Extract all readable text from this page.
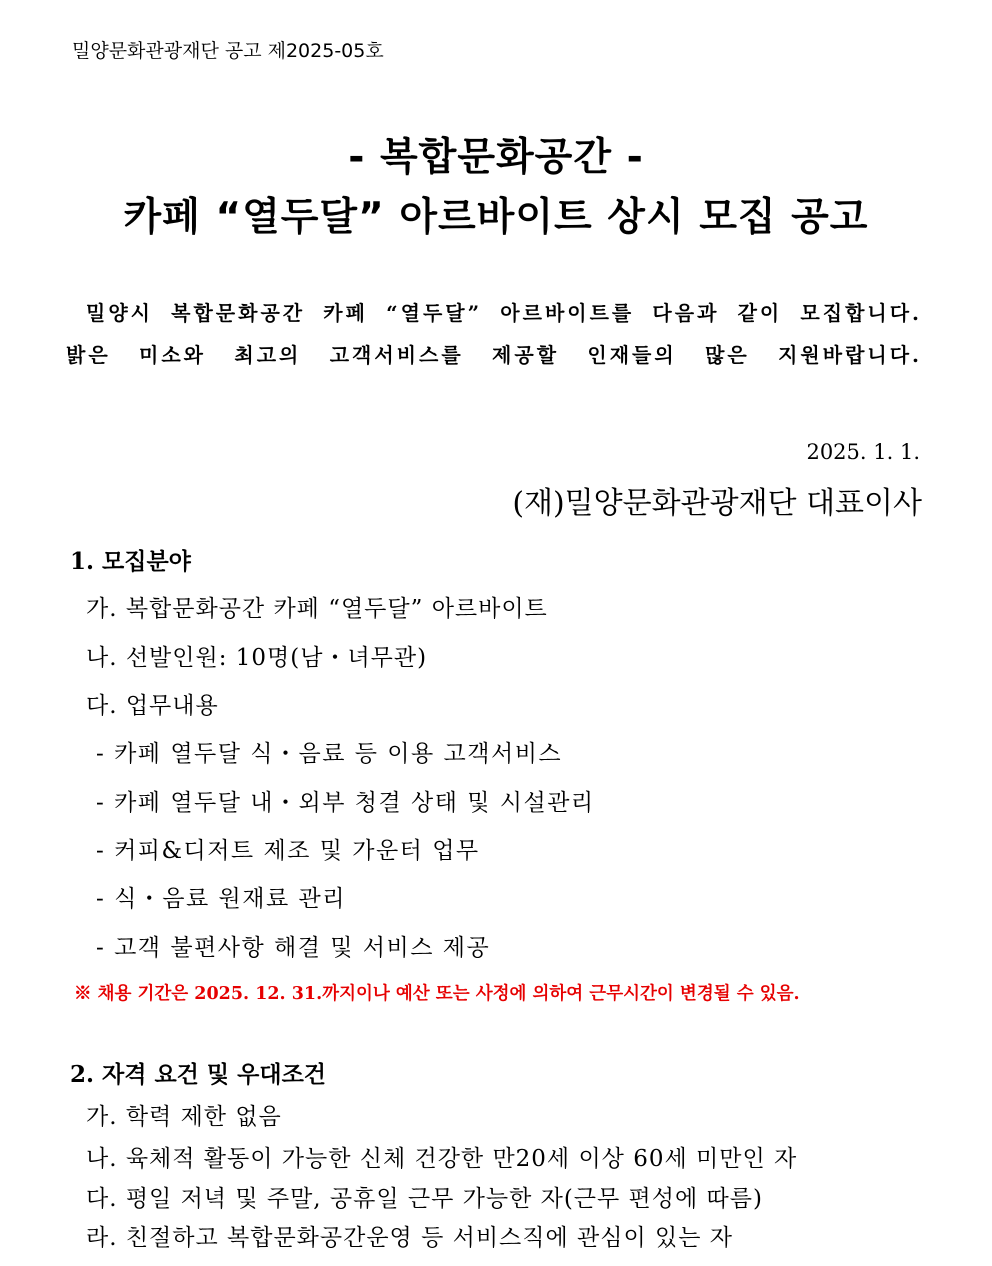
밀양문화관광재단 공고 제2025-05호
- 복합문화공간 -
카페 “열두달” 아르바이트 상시 모집 공고
밀양시 복합문화공간 카페 “열두달” 아르바이트를 다음과 같이 모집합니다.
밝은 미소와 최고의 고객서비스를 제공할 인재들의 많은 지원바랍니다.
2025. 1. 1.
(재)밀양문화관광재단 대표이사
1. 모집분야
가. 복합문화공간 카페 “열두달” 아르바이트
나. 선발인원: 10명(남・녀무관)
다. 업무내용
- 카페 열두달 식・음료 등 이용 고객서비스
- 카페 열두달 내・외부 청결 상태 및 시설관리
- 커피&디저트 제조 및 가운터 업무
- 식・음료 원재료 관리
- 고객 불편사항 해결 및 서비스 제공
※ 채용 기간은 2025. 12. 31.까지이나 예산 또는 사정에 의하여 근무시간이 변경될 수 있음.
2. 자격 요건 및 우대조건
가. 학력 제한 없음
나. 육체적 활동이 가능한 신체 건강한 만20세 이상 60세 미만인 자
다. 평일 저녁 및 주말, 공휴일 근무 가능한 자(근무 편성에 따름)
라. 친절하고 복합문화공간운영 등 서비스직에 관심이 있는 자
